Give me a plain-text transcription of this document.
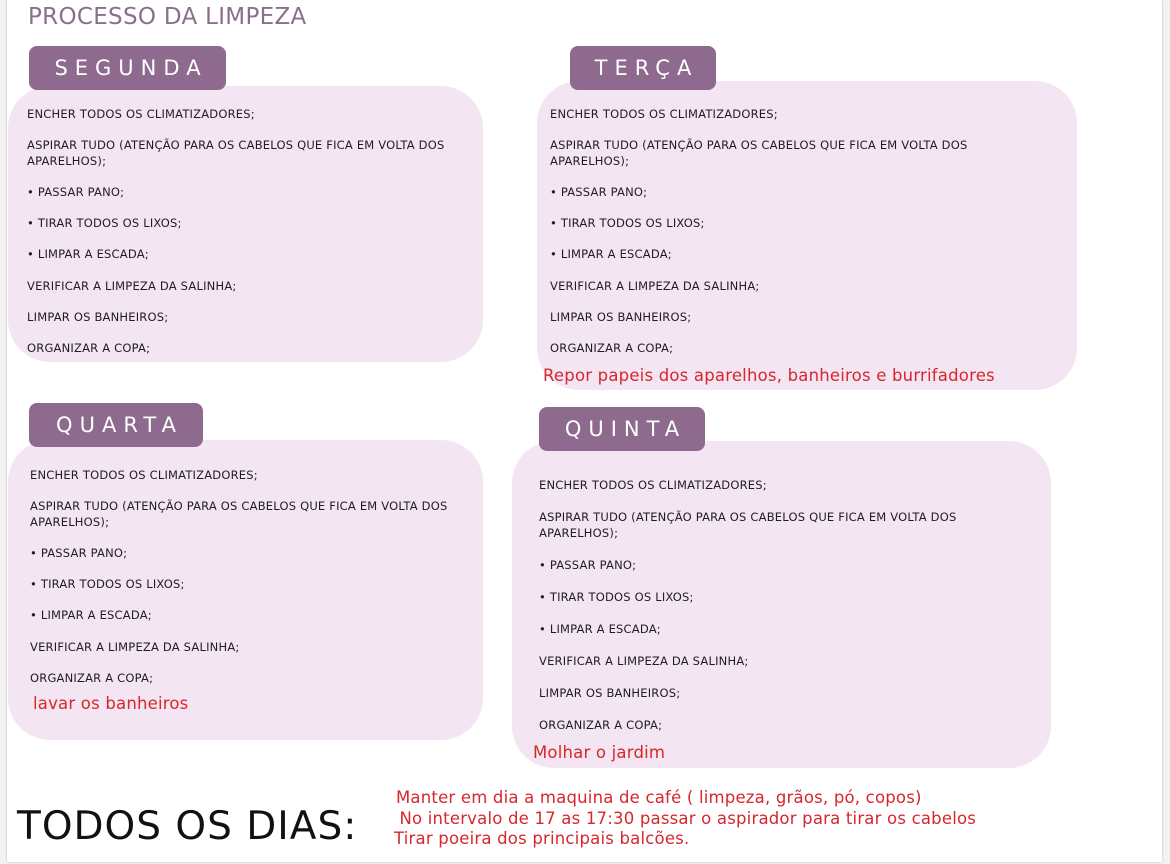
PROCESSO DA LIMPEZA
SEGUNDA
ENCHER TODOS OS CLIMATIZADORES;
ASPIRAR TUDO (ATENÇÃO PARA OS CABELOS QUE FICA EM VOLTA DOS
APARELHOS);
• PASSAR PANO;
• TIRAR TODOS OS LIXOS;
• LIMPAR A ESCADA;
VERIFICAR A LIMPEZA DA SALINHA;
LIMPAR OS BANHEIROS;
ORGANIZAR A COPA;
TERÇA
ENCHER TODOS OS CLIMATIZADORES;
ASPIRAR TUDO (ATENÇÃO PARA OS CABELOS QUE FICA EM VOLTA DOS
APARELHOS);
• PASSAR PANO;
• TIRAR TODOS OS LIXOS;
• LIMPAR A ESCADA;
VERIFICAR A LIMPEZA DA SALINHA;
LIMPAR OS BANHEIROS;
ORGANIZAR A COPA;
Repor papeis dos aparelhos, banheiros e burrifadores
QUARTA
ENCHER TODOS OS CLIMATIZADORES;
ASPIRAR TUDO (ATENÇÃO PARA OS CABELOS QUE FICA EM VOLTA DOS
APARELHOS);
• PASSAR PANO;
• TIRAR TODOS OS LIXOS;
• LIMPAR A ESCADA;
VERIFICAR A LIMPEZA DA SALINHA;
ORGANIZAR A COPA;
lavar os banheiros
QUINTA
ENCHER TODOS OS CLIMATIZADORES;
ASPIRAR TUDO (ATENÇÃO PARA OS CABELOS QUE FICA EM VOLTA DOS
APARELHOS);
• PASSAR PANO;
• TIRAR TODOS OS LIXOS;
• LIMPAR A ESCADA;
VERIFICAR A LIMPEZA DA SALINHA;
LIMPAR OS BANHEIROS;
ORGANIZAR A COPA;
Molhar o jardim
TODOS OS DIAS:
Manter em dia a maquina de café ( limpeza, grãos, pó, copos)
No intervalo de 17 as 17:30 passar o aspirador para tirar os cabelos
Tirar poeira dos principais balcões.
